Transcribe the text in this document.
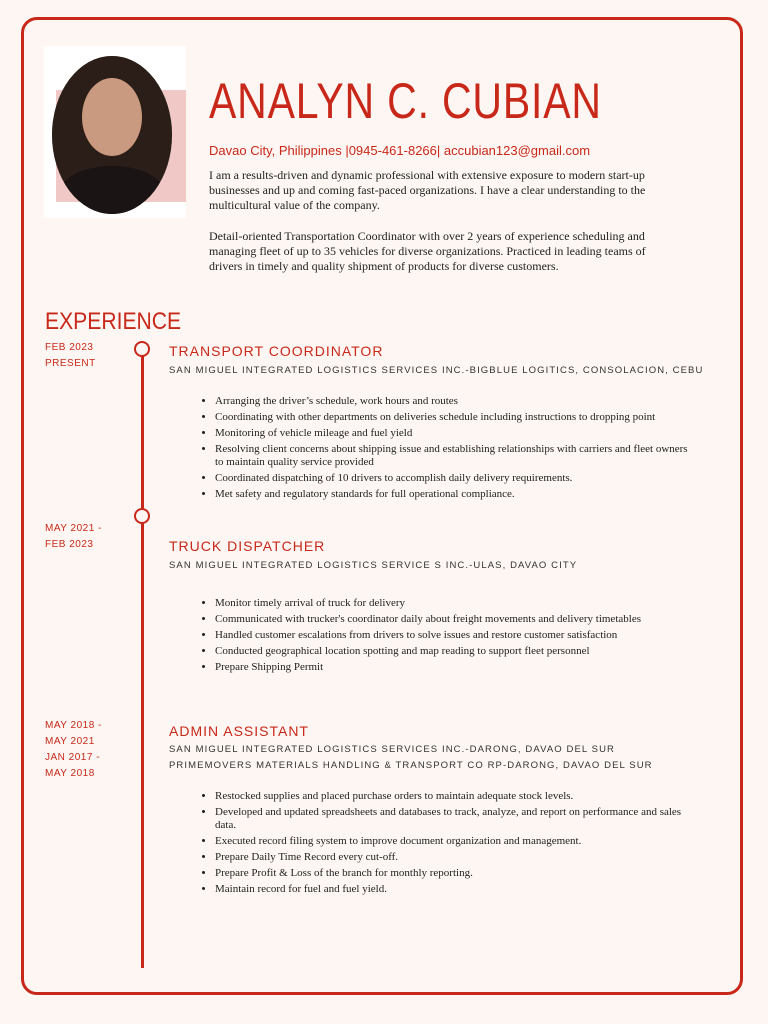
ANALYN C. CUBIAN
Davao City, Philippines |0945-461-8266| accubian123@gmail.com

I am a results-driven and dynamic professional with extensive exposure to modern start-up businesses and up and coming fast-paced organizations. I have a clear understanding to the multicultural value of the company.

Detail-oriented Transportation Coordinator with over 2 years of experience scheduling and managing fleet of up to 35 vehicles for diverse organizations. Practiced in leading teams of drivers in timely and quality shipment of products for diverse customers.

EXPERIENCE
FEB 2023
PRESENT
TRANSPORT COORDINATOR
SAN MIGUEL INTEGRATED LOGISTICS SERVICES INC.-BIGBLUE LOGITICS, CONSOLACION, CEBU
• Arranging the driver’s schedule, work hours and routes
• Coordinating with other departments on deliveries schedule including instructions to dropping point
• Monitoring of vehicle mileage and fuel yield
• Resolving client concerns about shipping issue and establishing relationships with carriers and fleet owners to maintain quality service provided
• Coordinated dispatching of 10 drivers to accomplish daily delivery requirements.
• Met safety and regulatory standards for full operational compliance.
MAY 2021 -
FEB 2023	TRUCK DISPATCHER
SAN MIGUEL INTEGRATED LOGISTICS SERVICE S INC.-ULAS, DAVAO CITY
• Monitor timely arrival of truck for delivery
• Communicated with trucker's coordinator daily about freight movements and delivery timetables
• Handled customer escalations from drivers to solve issues and restore customer satisfaction
• Conducted geographical location spotting and map reading to support fleet personnel
• Prepare Shipping Permit
MAY 2018 -
MAY 2021
JAN 2017 -
MAY 2018
ADMIN ASSISTANT
SAN MIGUEL INTEGRATED LOGISTICS SERVICES INC.-DARONG, DAVAO DEL SUR
PRIMEMOVERS MATERIALS HANDLING & TRANSPORT CO RP-DARONG, DAVAO DEL SUR
• Restocked supplies and placed purchase orders to maintain adequate stock levels.
• Developed and updated spreadsheets and databases to track, analyze, and report on performance and sales data.
• Executed record filing system to improve document organization and management.
• Prepare Daily Time Record every cut-off.
• Prepare Profit & Loss of the branch for monthly reporting.
• Maintain record for fuel and fuel yield.
